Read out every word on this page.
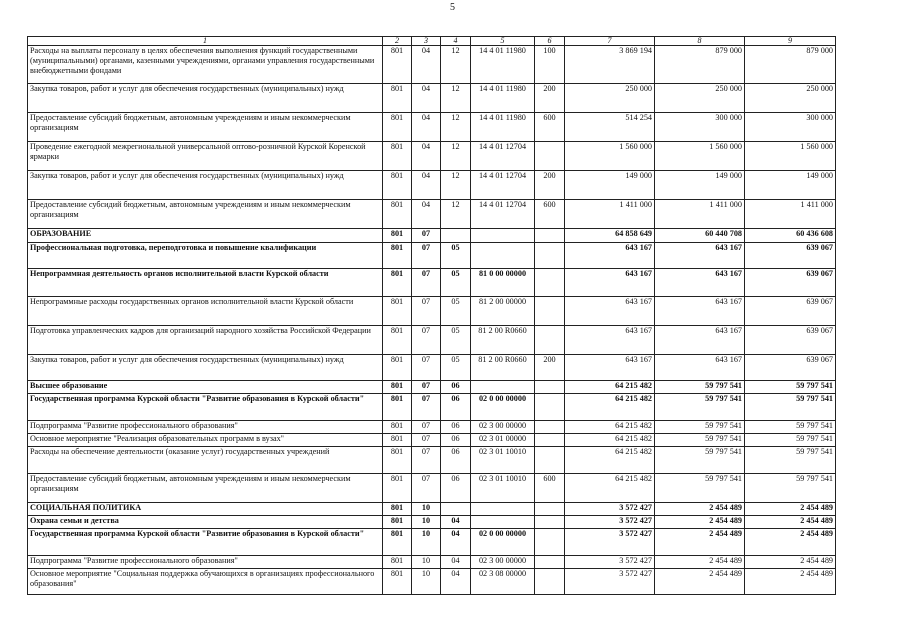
5
1	2	3	4	5	6	7	8	9
Расходы на выплаты персоналу в целях обеспечения выполнения функций государственными (муниципальными) органами, казенными учреждениями, органами управления государственными внебюджетными фондами	801	04	12	14 4 01 11980	100	3 869 194	879 000	879 000
Закупка товаров, работ и услуг для обеспечения государственных (муниципальных) нужд	801	04	12	14 4 01 11980	200	250 000	250 000	250 000
Предоставление субсидий бюджетным, автономным учреждениям и иным некоммерческим организациям	801	04	12	14 4 01 11980	600	514 254	300 000	300 000
Проведение ежегодной межрегиональной универсальной оптово-розничной Курской Коренской ярмарки	801	04	12	14 4 01 12704		1 560 000	1 560 000	1 560 000
Закупка товаров, работ и услуг для обеспечения государственных (муниципальных) нужд	801	04	12	14 4 01 12704	200	149 000	149 000	149 000
Предоставление субсидий бюджетным, автономным учреждениям и иным некоммерческим организациям	801	04	12	14 4 01 12704	600	1 411 000	1 411 000	1 411 000
ОБРАЗОВАНИЕ	801	07				64 858 649	60 440 708	60 436 608
Профессиональная подготовка, переподготовка и повышение квалификации	801	07	05			643 167	643 167	639 067
Непрограммная деятельность органов исполнительной власти Курской области	801	07	05	81 0 00 00000		643 167	643 167	639 067
Непрограммные расходы государственных органов исполнительной власти Курской области	801	07	05	81 2 00 00000		643 167	643 167	639 067
Подготовка управленческих кадров для организаций народного хозяйства Российской Федерации	801	07	05	81 2 00 R0660		643 167	643 167	639 067
Закупка товаров, работ и услуг для обеспечения государственных (муниципальных) нужд	801	07	05	81 2 00 R0660	200	643 167	643 167	639 067
Высшее образование	801	07	06			64 215 482	59 797 541	59 797 541
Государственная программа Курской области "Развитие образования в Курской области"	801	07	06	02 0 00 00000		64 215 482	59 797 541	59 797 541
Подпрограмма "Развитие профессионального образования"	801	07	06	02 3 00 00000		64 215 482	59 797 541	59 797 541
Основное мероприятие "Реализация образовательных программ в вузах"	801	07	06	02 3 01 00000		64 215 482	59 797 541	59 797 541
Расходы на обеспечение деятельности (оказание услуг) государственных учреждений	801	07	06	02 3 01 10010		64 215 482	59 797 541	59 797 541
Предоставление субсидий бюджетным, автономным учреждениям и иным некоммерческим организациям	801	07	06	02 3 01 10010	600	64 215 482	59 797 541	59 797 541
СОЦИАЛЬНАЯ ПОЛИТИКА	801	10				3 572 427	2 454 489	2 454 489
Охрана семьи и детства	801	10	04			3 572 427	2 454 489	2 454 489
Государственная программа Курской области "Развитие образования в Курской области"	801	10	04	02 0 00 00000		3 572 427	2 454 489	2 454 489
Подпрограмма "Развитие профессионального образования"	801	10	04	02 3 00 00000		3 572 427	2 454 489	2 454 489
Основное мероприятие "Социальная поддержка обучающихся в организациях профессионального образования"	801	10	04	02 3 08 00000		3 572 427	2 454 489	2 454 489
